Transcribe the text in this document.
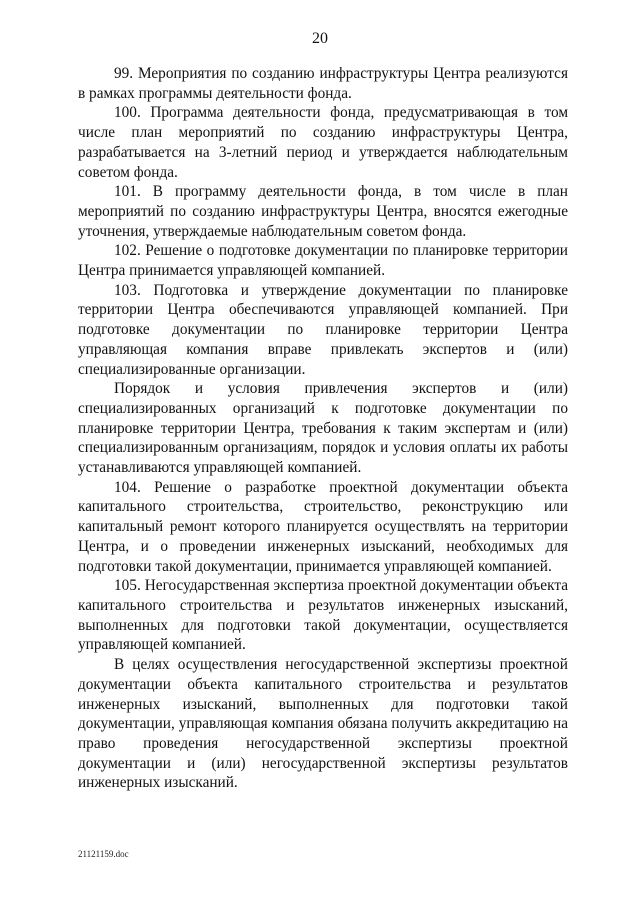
20

99. Мероприятия по созданию инфраструктуры Центра реализуются в рамках программы деятельности фонда.

100. Программа деятельности фонда, предусматривающая в том числе план мероприятий по созданию инфраструктуры Центра, разрабатывается на 3-летний период и утверждается наблюдательным советом фонда.

101. В программу деятельности фонда, в том числе в план мероприятий по созданию инфраструктуры Центра, вносятся ежегодные уточнения, утверждаемые наблюдательным советом фонда.

102. Решение о подготовке документации по планировке территории Центра принимается управляющей компанией.

103. Подготовка и утверждение документации по планировке территории Центра обеспечиваются управляющей компанией. При подготовке документации по планировке территории Центра управляющая компания вправе привлекать экспертов и (или) специализированные организации.

Порядок и условия привлечения экспертов и (или) специализированных организаций к подготовке документации по планировке территории Центра, требования к таким экспертам и (или) специализированным организациям, порядок и условия оплаты их работы устанавливаются управляющей компанией.

104. Решение о разработке проектной документации объекта капитального строительства, строительство, реконструкцию или капитальный ремонт которого планируется осуществлять на территории Центра, и о проведении инженерных изысканий, необходимых для подготовки такой документации, принимается управляющей компанией.

105. Негосударственная экспертиза проектной документации объекта капитального строительства и результатов инженерных изысканий, выполненных для подготовки такой документации, осуществляется управляющей компанией.

В целях осуществления негосударственной экспертизы проектной документации объекта капитального строительства и результатов инженерных изысканий, выполненных для подготовки такой документации, управляющая компания обязана получить аккредитацию на право проведения негосударственной экспертизы проектной документации и (или) негосударственной экспертизы результатов инженерных изысканий.

21121159.doc
